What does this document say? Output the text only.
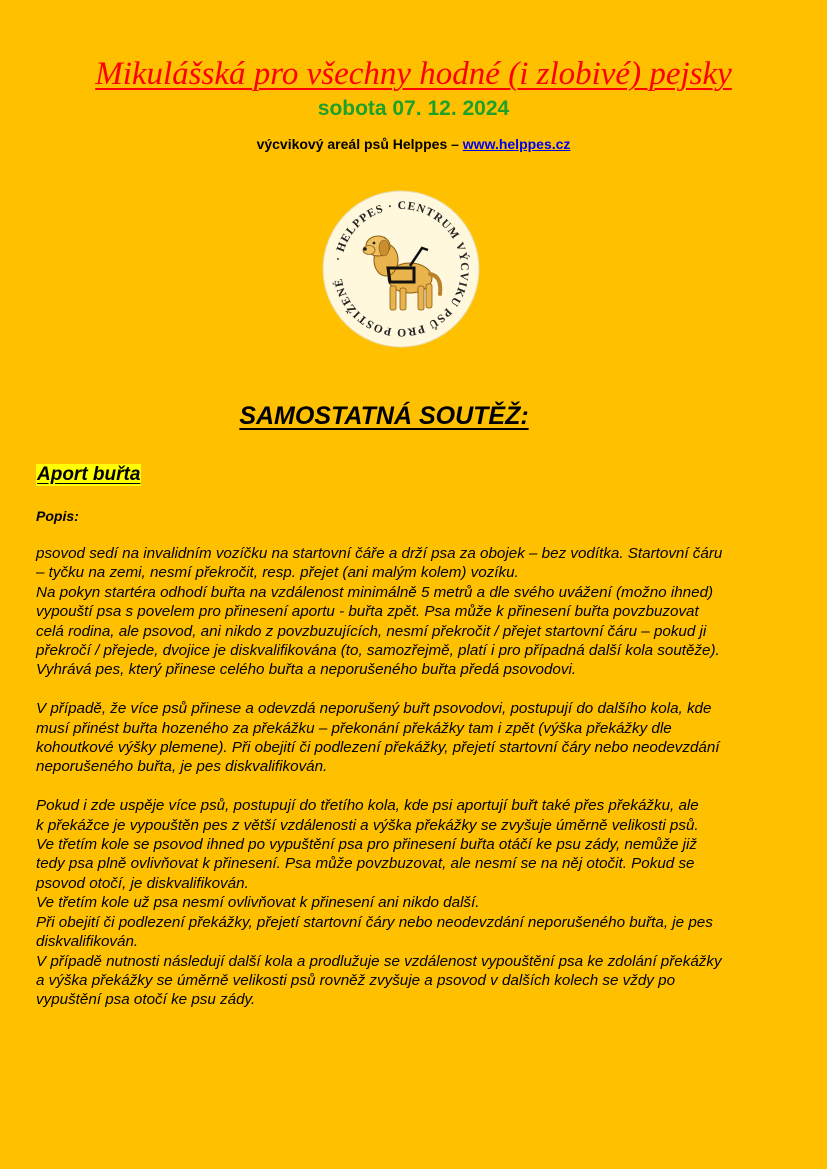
Mikulášská pro všechny hodné (i zlobivé) pejsky
sobota 07. 12. 2024
výcvikový areál psů Helppes – www.helppes.cz
· HELPPES · CENTRUM VÝCVIKU PSŮ PRO POSTIŽENÉ
SAMOSTATNÁ SOUTĚŽ:
Aport buřta
Popis:

psovod sedí na invalidním vozíčku na startovní čáře a drží psa za obojek – bez vodítka. Startovní čáru

– tyčku na zemi, nesmí překročit, resp. přejet (ani malým kolem) vozíku.

Na pokyn startéra odhodí buřta na vzdálenost minimálně 5 metrů a dle svého uvážení (možno ihned)

vypouští psa s povelem pro přinesení aportu - buřta zpět. Psa může k přinesení buřta povzbuzovat

celá rodina, ale psovod, ani nikdo z povzbuzujících, nesmí překročit / přejet startovní čáru – pokud ji

překročí / přejede, dvojice je diskvalifikována (to, samozřejmě, platí i pro případná další kola soutěže).

Vyhrává pes, který přinese celého buřta a neporušeného buřta předá psovodovi.

V případě, že více psů přinese a odevzdá neporušený buřt psovodovi, postupují do dalšího kola, kde

musí přinést buřta hozeného za překážku – překonání překážky tam i zpět (výška překážky dle

kohoutkové výšky plemene). Při obejití či podlezení překážky, přejetí startovní čáry nebo neodevzdání

neporušeného buřta, je pes diskvalifikován.

Pokud i zde uspěje více psů, postupují do třetího kola, kde psi aportují buřt také přes překážku, ale

k překážce je vypouštěn pes z větší vzdálenosti a výška překážky se zvyšuje úměrně velikosti psů.

Ve třetím kole se psovod ihned po vypuštění psa pro přinesení buřta otáčí ke psu zády, nemůže již

tedy psa plně ovlivňovat k přinesení. Psa může povzbuzovat, ale nesmí se na něj otočit. Pokud se

psovod otočí, je diskvalifikován.

Ve třetím kole už psa nesmí ovlivňovat k přinesení ani nikdo další.

Při obejití či podlezení překážky, přejetí startovní čáry nebo neodevzdání neporušeného buřta, je pes

diskvalifikován.

V případě nutnosti následují další kola a prodlužuje se vzdálenost vypouštění psa ke zdolání překážky

a výška překážky se úměrně velikosti psů rovněž zvyšuje a psovod v dalších kolech se vždy po

vypuštění psa otočí ke psu zády.
